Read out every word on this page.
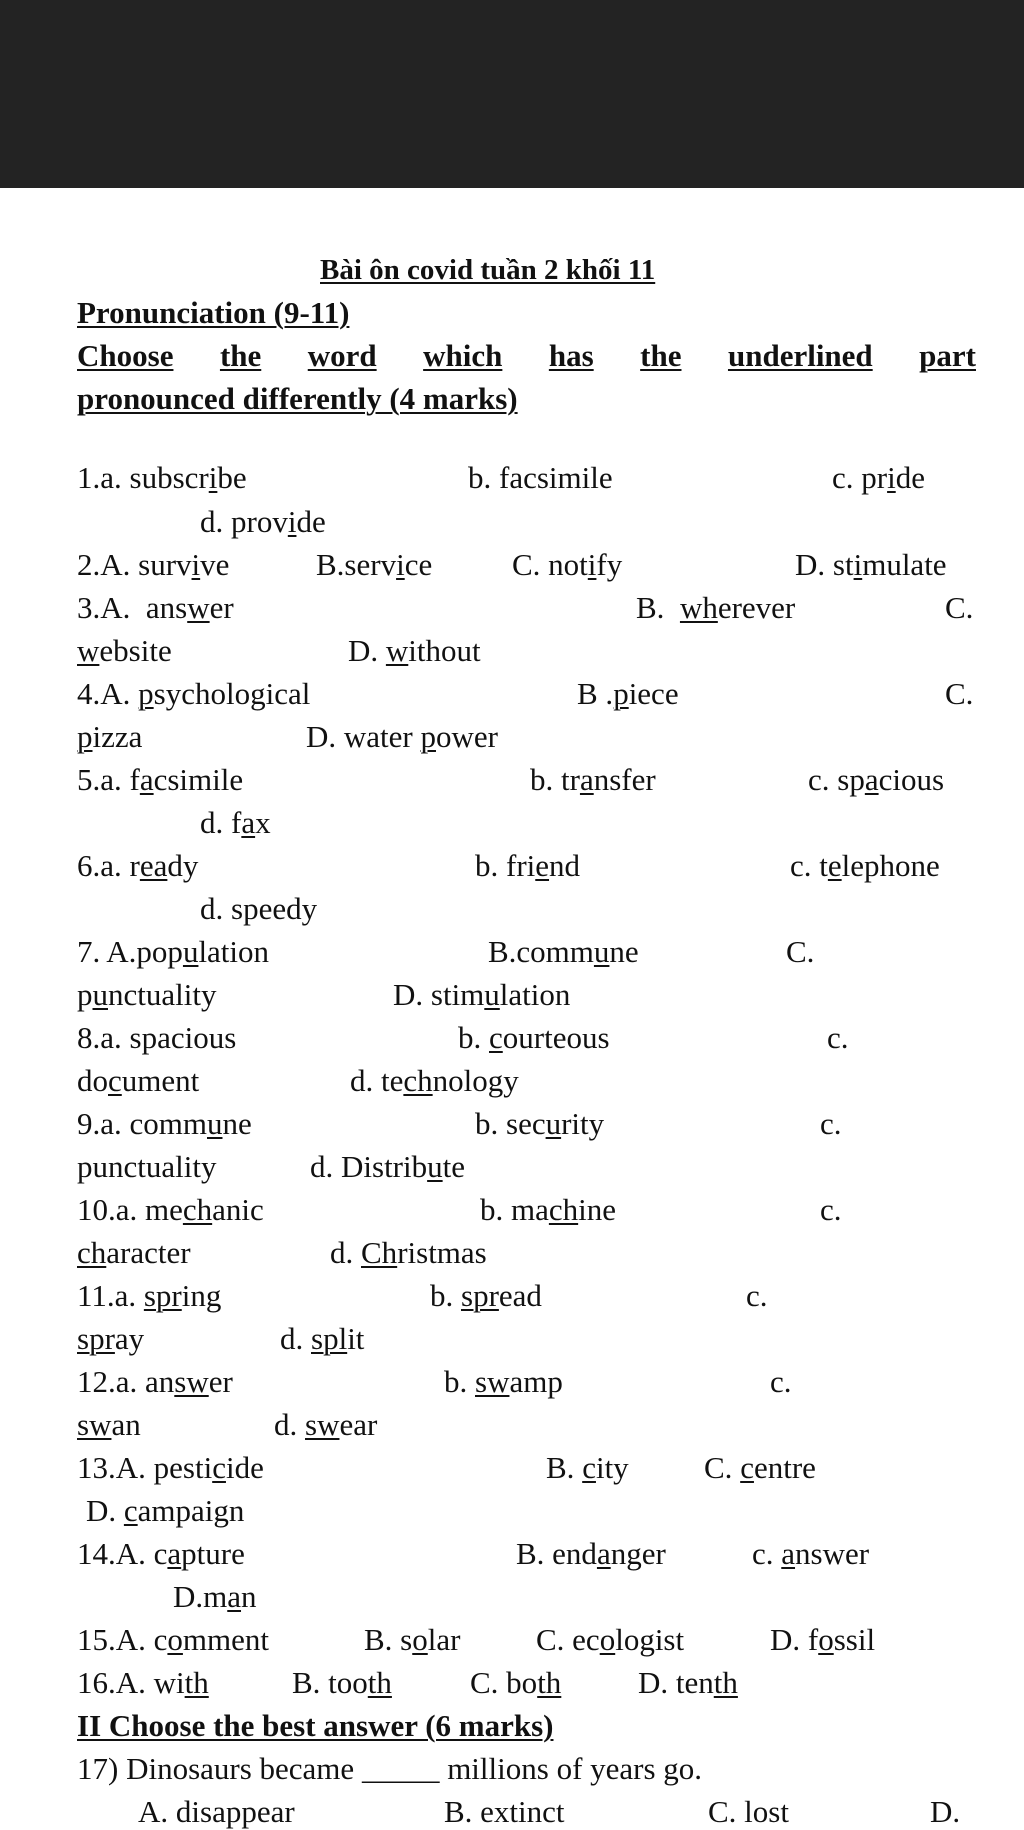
Bài ôn covid tuần 2 khối 11
Pronunciation (9-11)
Choose the word which has the underlined part
pronounced differently (4 marks)
1.a. subscribe	b. facsimile	c. pride
d. provide
2.A. survive	B.service	C. notify	D. stimulate
3.A.  answer	B.  wherever	C.
website	D. without
4.A. psychological	B .piece	C.
pizza	D. water power
5.a. facsimile	b. transfer	c. spacious
d. fax
6.a. ready	b. friend	c. telephone
d. speedy
7. A.population	B.commune	C.
punctuality	D. stimulation
8.a. spacious	b. courteous	c.
document	d. technology
9.a. commune	b. security	c.
punctuality	d. Distribute
10.a. mechanic	b. machine	c.
character	d. Christmas
11.a. spring	b. spread	c.
spray	d. split
12.a. answer	b. swamp	c.
swan	d. swear
13.A. pesticide	B. city C. centre
D. campaign
14.A. capture	B. endanger	c. answer
D.man
15.A. comment	B. solar C. ecologist	D. fossil
16.A. with	B. tooth	C. both D. tenth
II Choose the best answer (6 marks)
17) Dinosaurs became _____ millions of years go.
A. disappear	B. extinct	C. lost	D.
